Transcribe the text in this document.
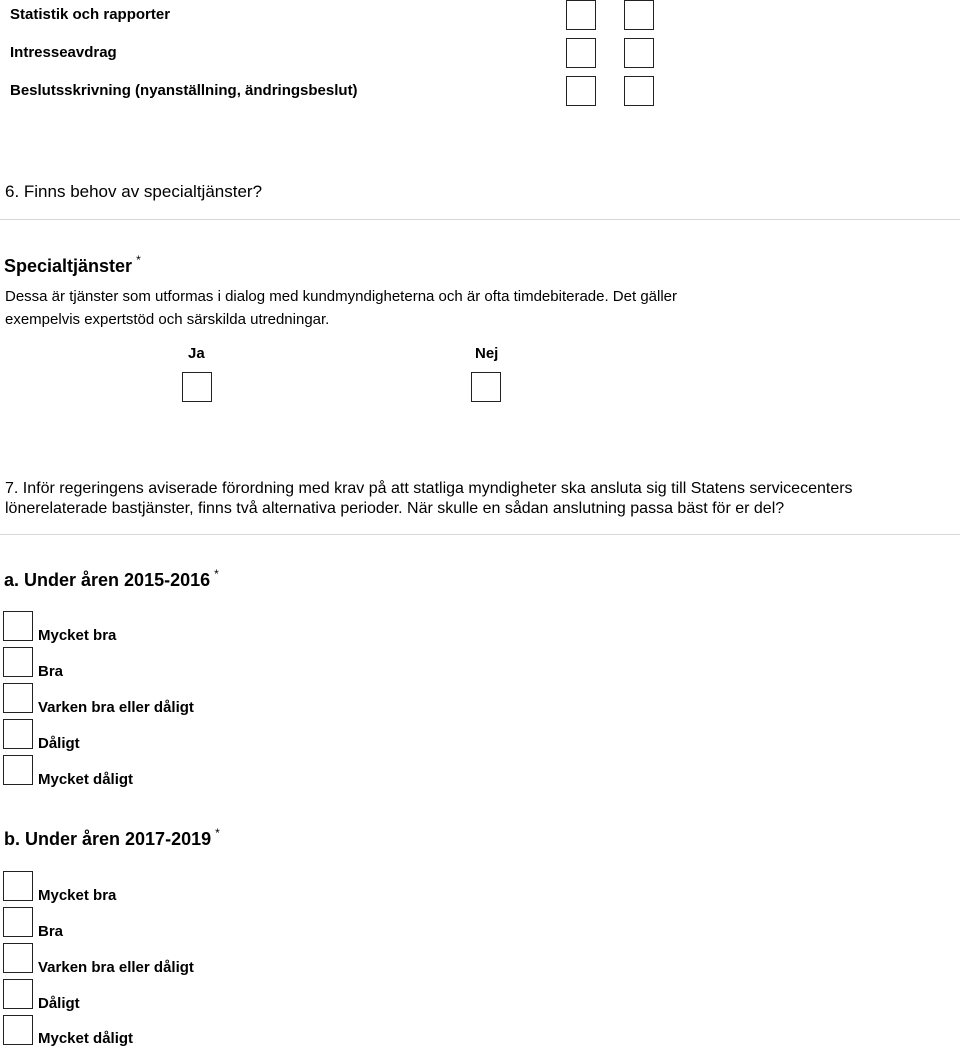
Statistik och rapporter
Intresseavdrag
Beslutsskrivning (nyanställning, ändringsbeslut)
6. Finns behov av specialtjänster?
Specialtjänster *
Dessa är tjänster som utformas i dialog med kundmyndigheterna och är ofta timdebiterade. Det gäller exempelvis expertstöd och särskilda utredningar.
Ja	Nej
7. Inför regeringens aviserade förordning med krav på att statliga myndigheter ska ansluta sig till Statens servicecenters
lönerelaterade bastjänster, finns två alternativa perioder. När skulle en sådan anslutning passa bäst för er del?
a. Under åren 2015-2016 *
Mycket bra
Bra
Varken bra eller dåligt
Dåligt
Mycket dåligt
b. Under åren 2017-2019 *
Mycket bra
Bra
Varken bra eller dåligt
Dåligt
Mycket dåligt
